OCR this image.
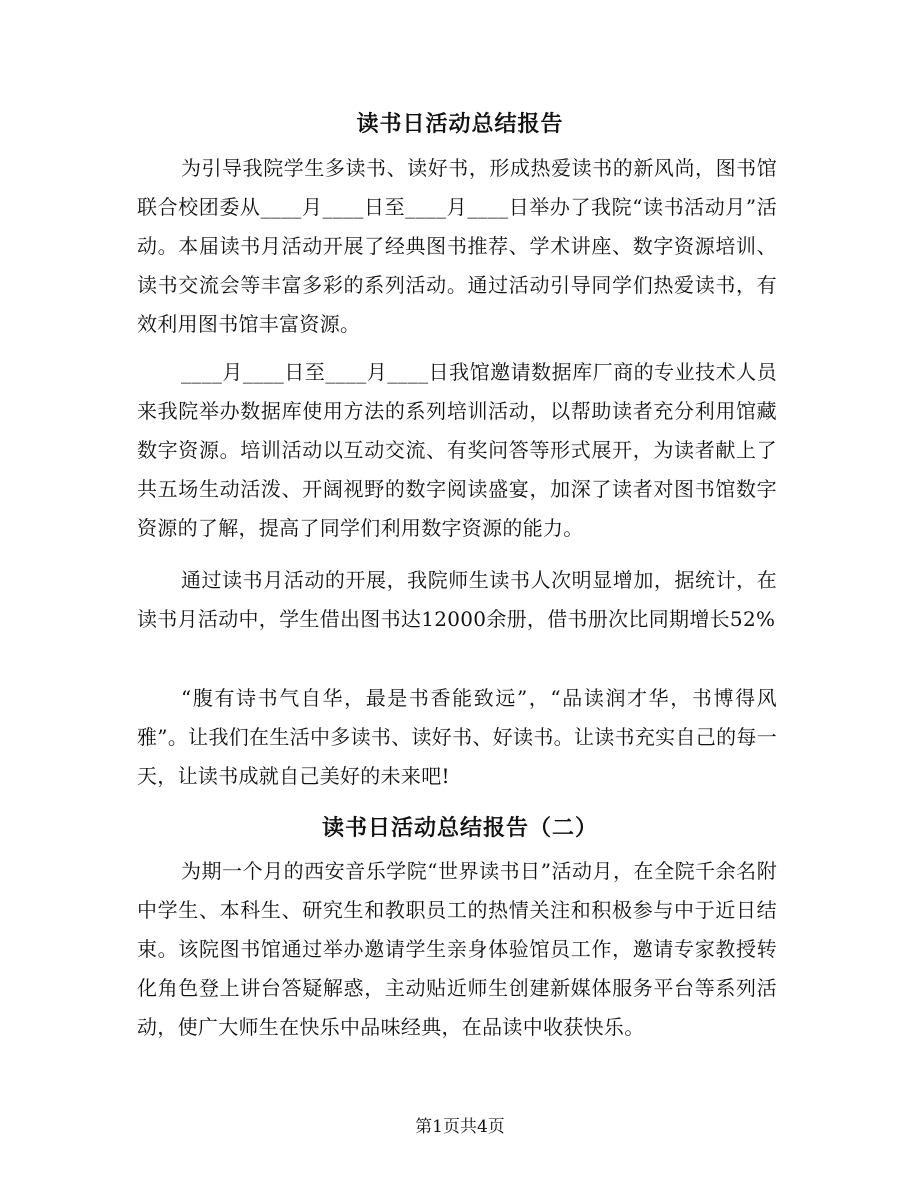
读书日活动总结报告
为引导我院学生多读书、读好书，形成热爱读书的新风尚，图书馆联合校团委从____月____日至____月____日举办了我院“读书活动月”活动。本届读书月活动开展了经典图书推荐、学术讲座、数字资源培训、读书交流会等丰富多彩的系列活动。通过活动引导同学们热爱读书，有效利用图书馆丰富资源。
____月____日至____月____日我馆邀请数据库厂商的专业技术人员来我院举办数据库使用方法的系列培训活动，以帮助读者充分利用馆藏数字资源。培训活动以互动交流、有奖问答等形式展开，为读者献上了共五场生动活泼、开阔视野的数字阅读盛宴，加深了读者对图书馆数字资源的了解，提高了同学们利用数字资源的能力。
通过读书月活动的开展，我院师生读书人次明显增加，据统计，在读书月活动中，学生借出图书达12000余册，借书册次比同期增长52%
“腹有诗书气自华，最是书香能致远”，“品读润才华，书博得风雅”。让我们在生活中多读书、读好书、好读书。让读书充实自己的每一天，让读书成就自己美好的未来吧!
读书日活动总结报告（二）
为期一个月的西安音乐学院“世界读书日”活动月，在全院千余名附中学生、本科生、研究生和教职员工的热情关注和积极参与中于近日结束。该院图书馆通过举办邀请学生亲身体验馆员工作，邀请专家教授转化角色登上讲台答疑解惑，主动贴近师生创建新媒体服务平台等系列活动，使广大师生在快乐中品味经典，在品读中收获快乐。
第1页共4页
